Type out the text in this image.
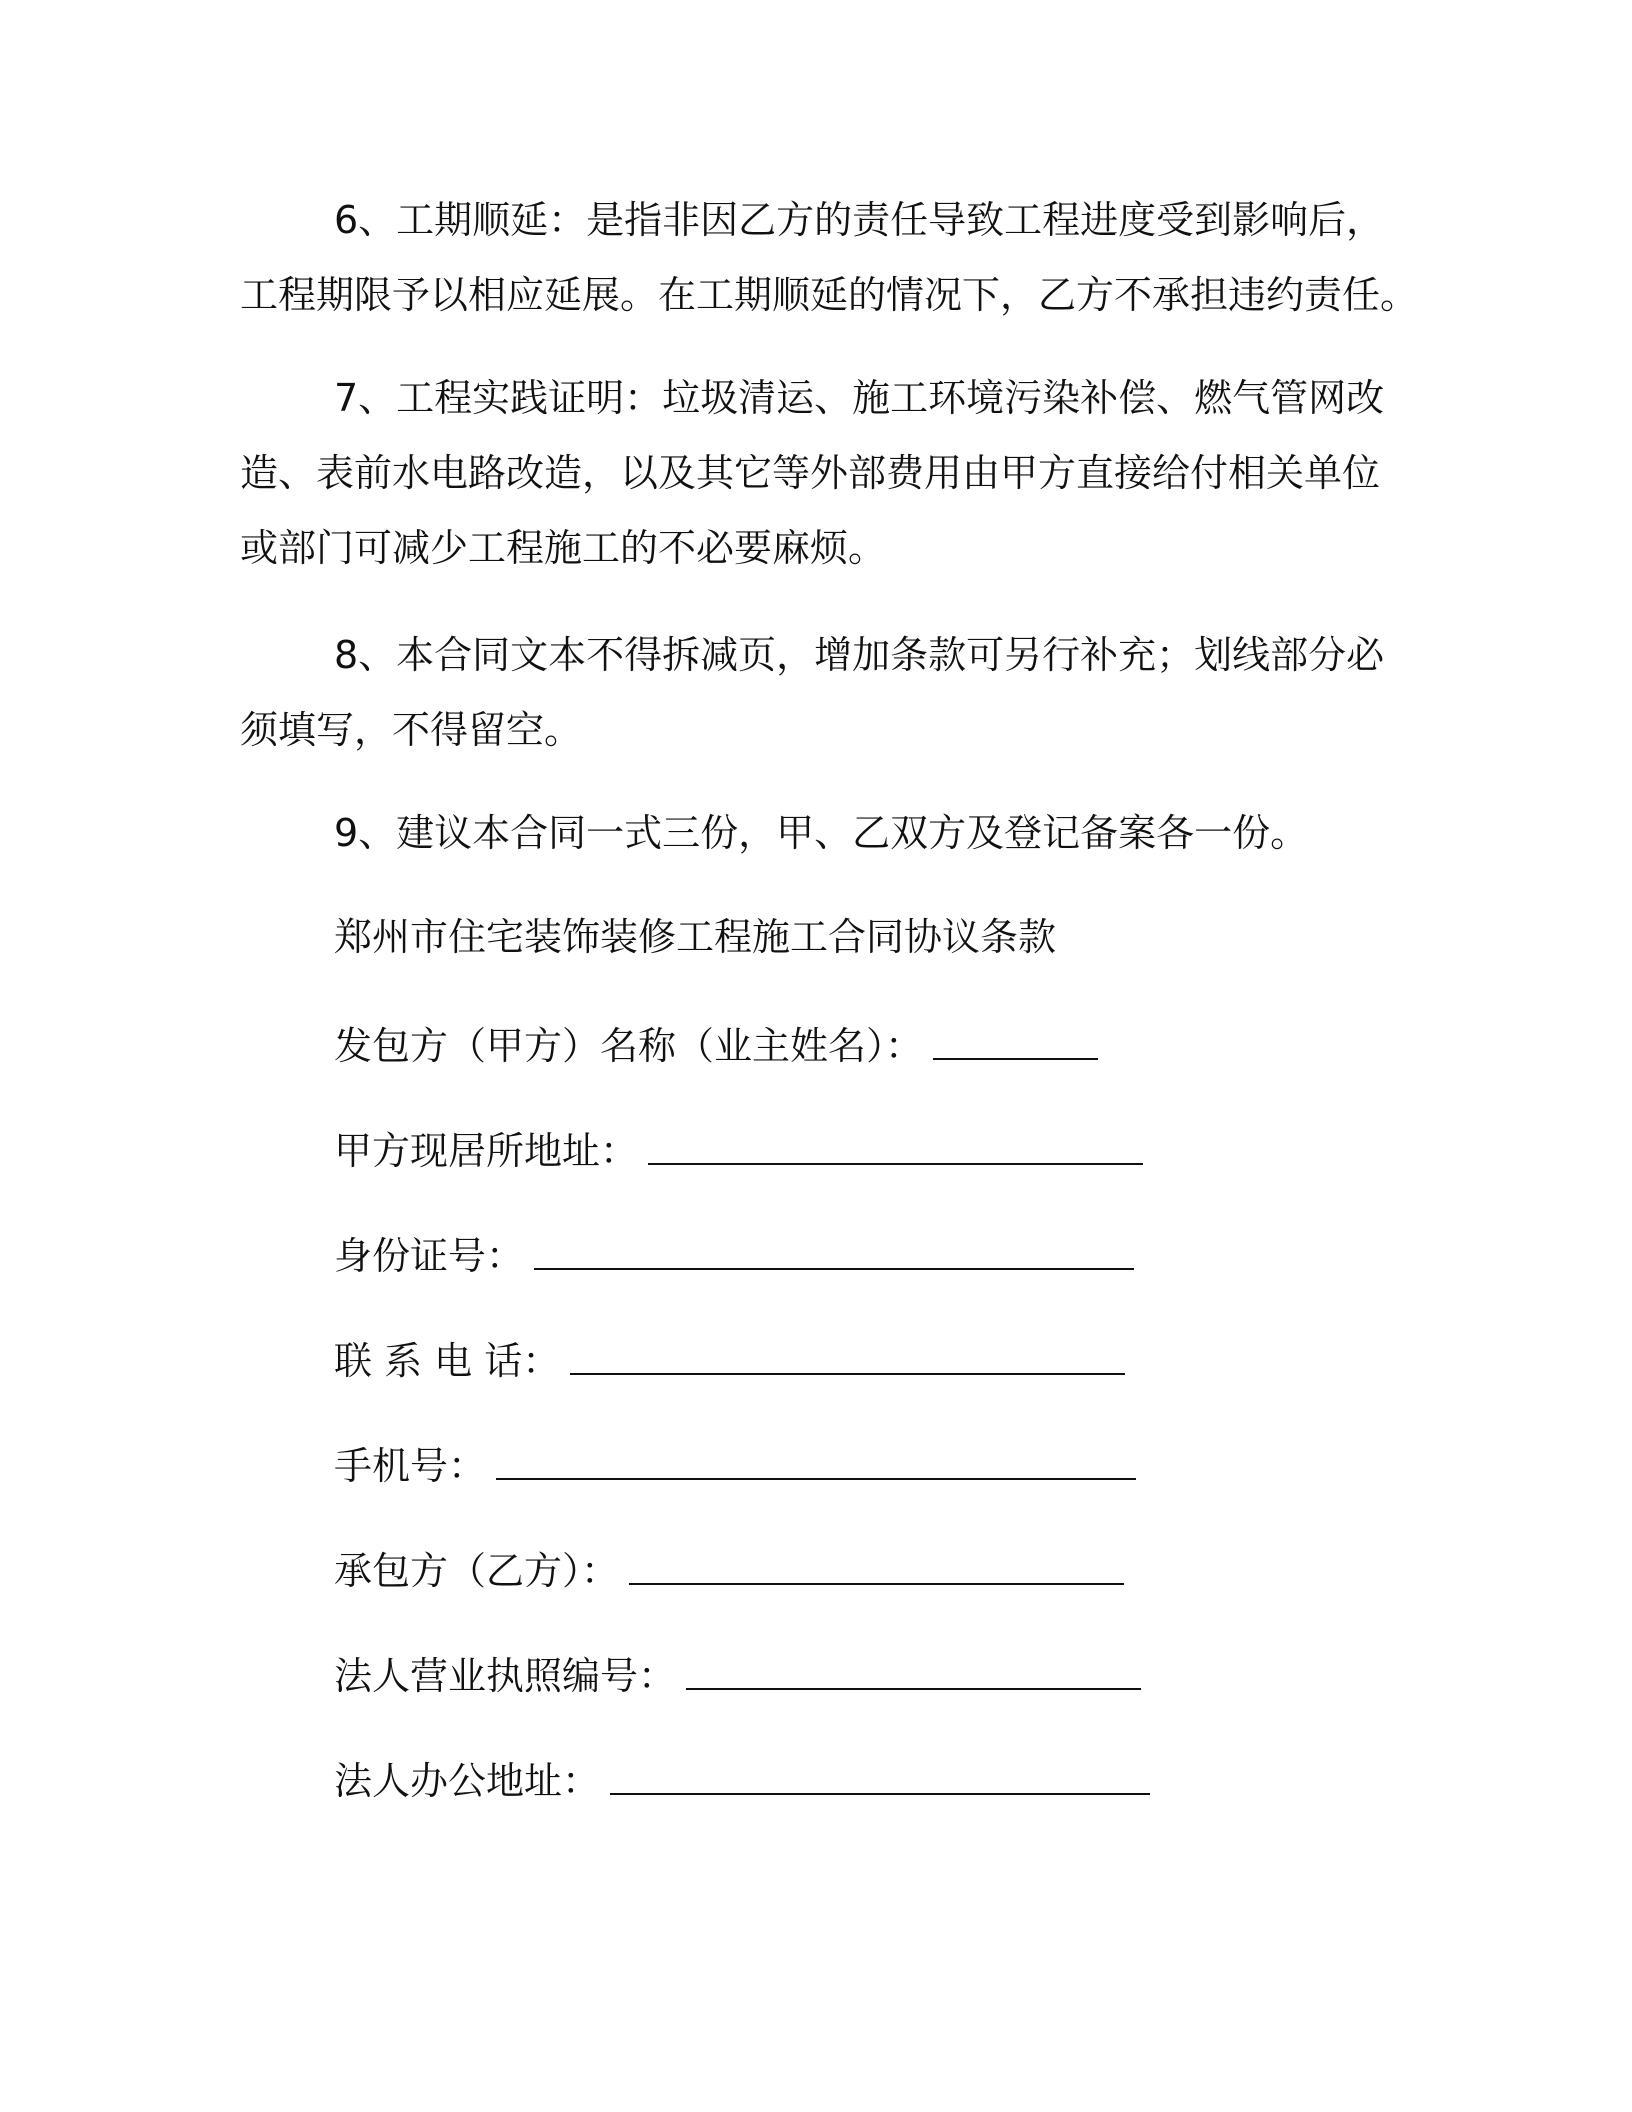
6、工期顺延：是指非因乙方的责任导致工程进度受到影响后，

工程期限予以相应延展。在工期顺延的情况下，乙方不承担违约责任。

7、工程实践证明：垃圾清运、施工环境污染补偿、燃气管网改

造、表前水电路改造，以及其它等外部费用由甲方直接给付相关单位

或部门可减少工程施工的不必要麻烦。

8、本合同文本不得拆减页，增加条款可另行补充；划线部分必

须填写，不得留空。

9、建议本合同一式三份，甲、乙双方及登记备案各一份。

郑州市住宅装饰装修工程施工合同协议条款

发包方（甲方）名称（业主姓名）：
甲方现居所地址：
身份证号：
联 系 电 话：
手机号：
承包方（乙方）：
法人营业执照编号：
法人办公地址：
